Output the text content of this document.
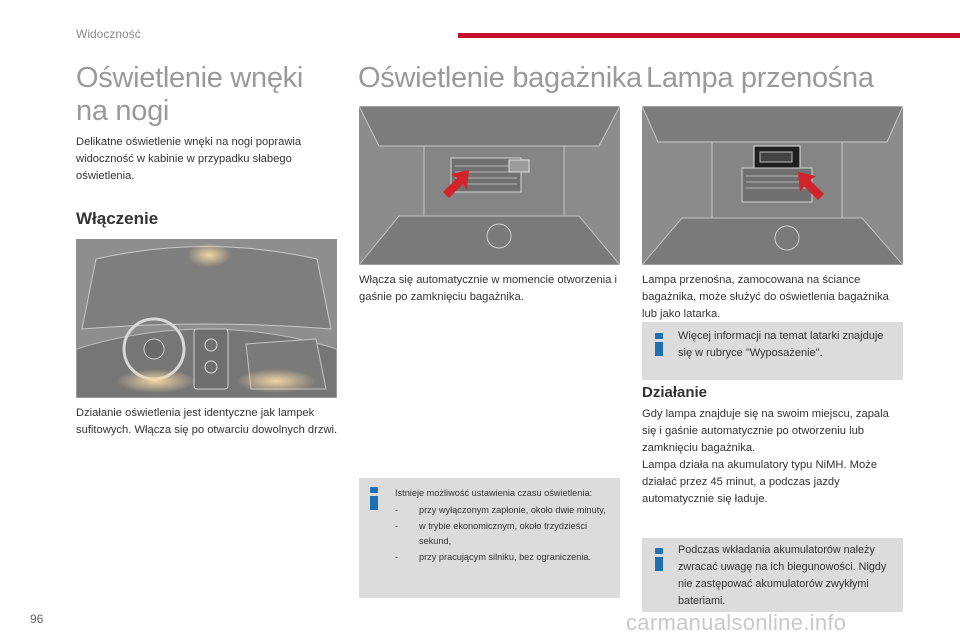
Widoczność
Oświetlenie wnęki
na nogi
Delikatne oświetlenie wnęki na nogi poprawia widoczność w kabinie w przypadku słabego oświetlenia.
Włączenie
Działanie oświetlenia jest identyczne jak lampek sufitowych. Włącza się po otwarciu dowolnych drzwi.
Oświetlenie bagażnika
Włącza się automatycznie w momencie otworzenia i gaśnie po zamknięciu bagażnika.
Istnieje możliwość ustawienia czasu oświetlenia:
- przy wyłączonym zapłonie, około dwie minuty,
- w trybie ekonomicznym, około trzydzieści sekund,
- przy pracującym silniku, bez ograniczenia.
Lampa przenośna
Lampa przenośna, zamocowana na ściance bagażnika, może służyć do oświetlenia bagażnika lub jako latarka.
Więcej informacji na temat latarki znajduje się w rubryce "Wyposażenie".
Działanie
Gdy lampa znajduje się na swoim miejscu, zapala się i gaśnie automatycznie po otworzeniu lub zamknięciu bagażnika.
Lampa działa na akumulatory typu NiMH. Może działać przez 45 minut, a podczas jazdy automatycznie się ładuje.
Podczas wkładania akumulatorów należy zwracać uwagę na ich biegunowości. Nigdy nie zastępować akumulatorów zwykłymi bateriami.
96	carmanualsonline.info
